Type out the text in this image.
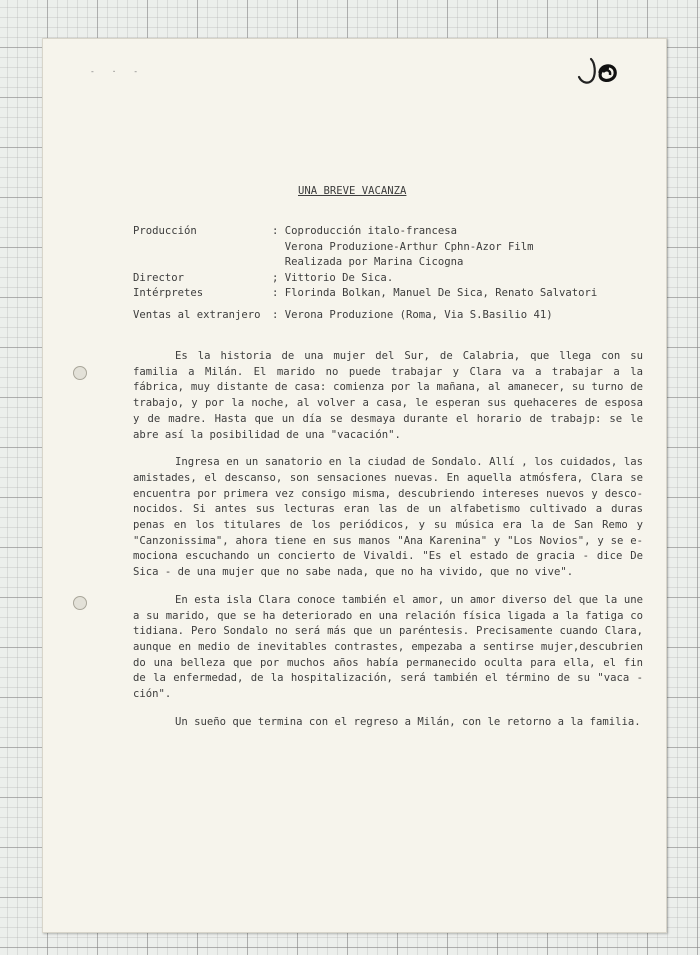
- · -
UNA BREVE VACANZA
Producción	: Coproducción italo-francesa
Verona Produzione-Arthur Cphn-Azor Film
Realizada por Marina Cicogna
Director	; Vittorio De Sica.
Intérpretes	: Florinda Bolkan, Manuel De Sica, Renato Salvatori
Ventas al extranjero : Verona Produzione (Roma, Via S.Basilio 41)

Es la historia de una mujer del Sur, de Calabria, que llega con su familia a Milán. El marido no puede trabajar y Clara va a trabajar a la fábrica, muy distante de casa: comienza por la mañana, al amanecer, su turno de trabajo, y por la noche, al volver a casa, le esperan sus quehaceres de esposa y de madre. Hasta que un día se desmaya durante el horario de trabajp: se le abre así la posibilidad de una "vacación".

Ingresa en un sanatorio en la ciudad de Sondalo. Allí , los cuidados, las amistades, el descanso, son sensaciones nuevas. En aquella atmósfera, Clara se encuentra por primera vez consigo misma, descubriendo intereses nuevos y desco-nocidos. Si antes sus lecturas eran las de un alfabetismo cultivado a duras penas en los titulares de los periódicos, y su música era la de San Remo y "Canzonissima", ahora tiene en sus manos "Ana Karenina" y "Los Novios", y se e-mociona escuchando un concierto de Vivaldi. "Es el estado de gracia - dice De Sica - de una mujer que no sabe nada, que no ha vivido, que no vive".

En esta isla Clara conoce también el amor, un amor diverso del que la une a su marido, que se ha deteriorado en una relación física ligada a la fatiga co tidiana. Pero Sondalo no será más que un paréntesis. Precisamente cuando Clara, aunque en medio de inevitables contrastes, empezaba a sentirse mujer,descubrien do una belleza que por muchos años había permanecido oculta para ella, el fin de la enfermedad, de la hospitalización, será también el término de su "vaca - ción".

Un sueño que termina con el regreso a Milán, con le retorno a la familia.
